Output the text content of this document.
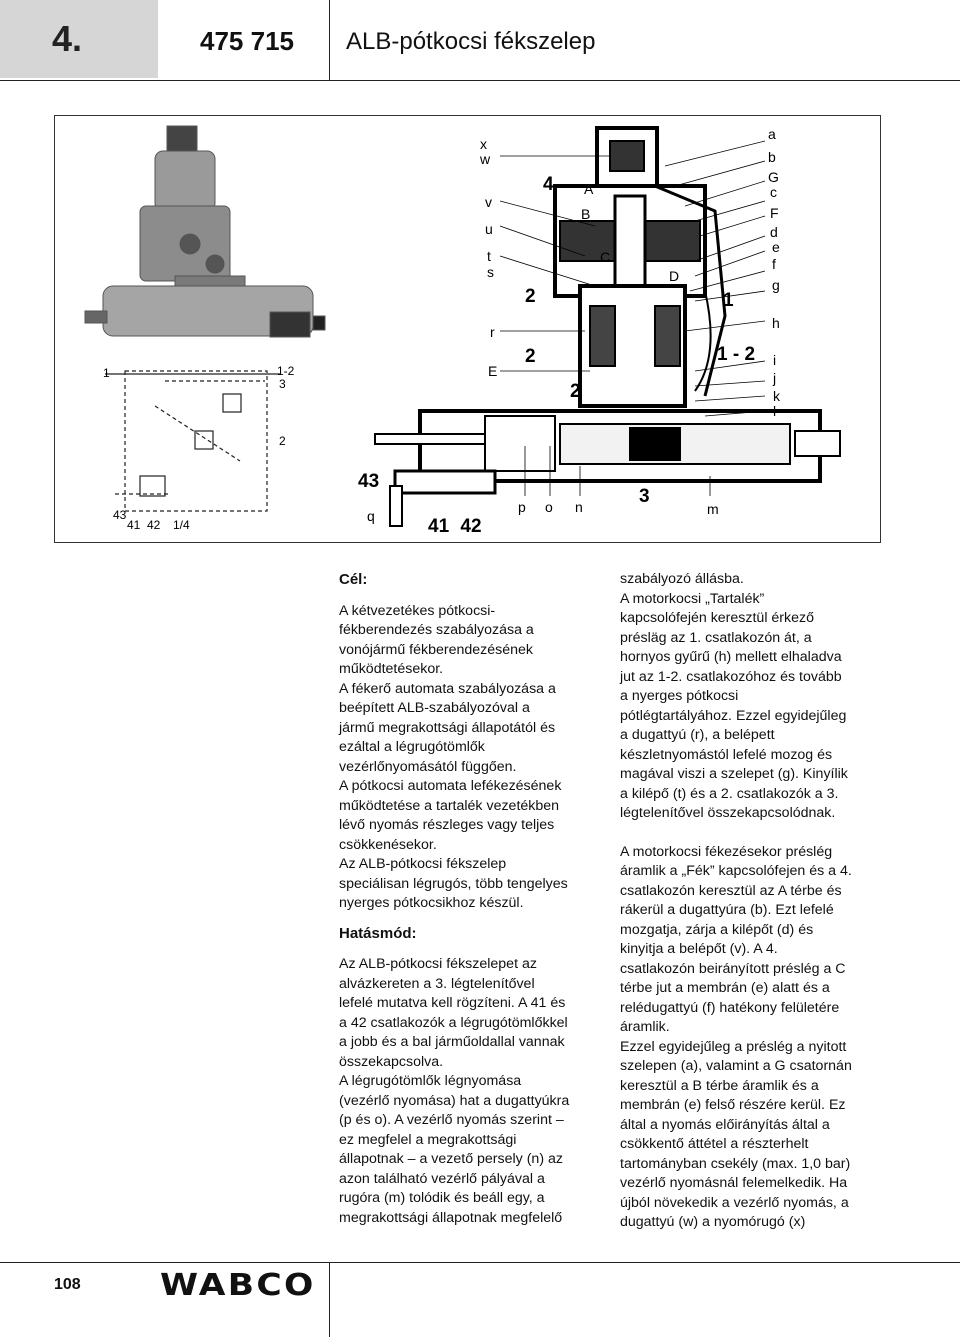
4.	475 715 ALB-pótkocsi fékszelep
1	1-2
3
2
43
41 42 1/4
x
w
v
u
t
s
r
E
4 A
B
C
D
2
2
2
1
1 - 2
a
b
G
c
F
d
e
f
g
h
i
j
k
l
43
q	41 42
p o n	3
m

Cél:

A kétvezetékes pótkocsi-

fékberendezés szabályozása a

vonójármű fékberendezésének

működtetésekor.

A fékerő automata szabályozása a

beépített ALB-szabályozóval a

jármű megrakottsági állapotától és

ezáltal a légrugótömlők

vezérlőnyomásától függően.

A pótkocsi automata lefékezésének

működtetése a tartalék vezetékben

lévő nyomás részleges vagy teljes

csökkenésekor.

Az ALB-pótkocsi fékszelep

speciálisan légrugós, több tengelyes

nyerges pótkocsikhoz készül.

Hatásmód:

Az ALB-pótkocsi fékszelepet az

alvázkereten a 3. légtelenítővel

lefelé mutatva kell rögzíteni. A 41 és

a 42 csatlakozók a légrugótömlőkkel

a jobb és a bal járműoldallal vannak

összekapcsolva.

A légrugótömlők légnyomása

(vezérlő nyomása) hat a dugattyúkra

(p és o). A vezérlő nyomás szerint –

ez megfelel a megrakottsági

állapotnak – a vezető persely (n) az

azon található vezérlő pályával a

rugóra (m) tolódik és beáll egy, a

megrakottsági állapotnak megfelelő

szabályozó állásba.

A motorkocsi „Tartalék”

kapcsolófején keresztül érkező

présläg az 1. csatlakozón át, a

hornyos gyűrű (h) mellett elhaladva

jut az 1-2. csatlakozóhoz és tovább

a nyerges pótkocsi

pótlégtartályához. Ezzel egyidejűleg

a dugattyú (r), a belépett

készletnyomástól lefelé mozog és

magával viszi a szelepet (g). Kinyílik

a kilépő (t) és a 2. csatlakozók a 3.

légtelenítővel összekapcsolódnak.

A motorkocsi fékezésekor préslég

áramlik a „Fék” kapcsolófejen és a 4.

csatlakozón keresztül az A térbe és

rákerül a dugattyúra (b). Ezt lefelé

mozgatja, zárja a kilépőt (d) és

kinyitja a belépőt (v). A 4.

csatlakozón beirányított préslég a C

térbe jut a membrán (e) alatt és a

relédugattyú (f) hatékony felületére

áramlik.

Ezzel egyidejűleg a préslég a nyitott

szelepen (a), valamint a G csatornán

keresztül a B térbe áramlik és a

membrán (e) felső részére kerül. Ez

által a nyomás előirányítás által a

csökkentő áttétel a részterhelt

tartományban csekély (max. 1,0 bar)

vezérlő nyomásnál felemelkedik. Ha

újból növekedik a vezérlő nyomás, a

dugattyú (w) a nyomórugó (x)

108	WABCO
